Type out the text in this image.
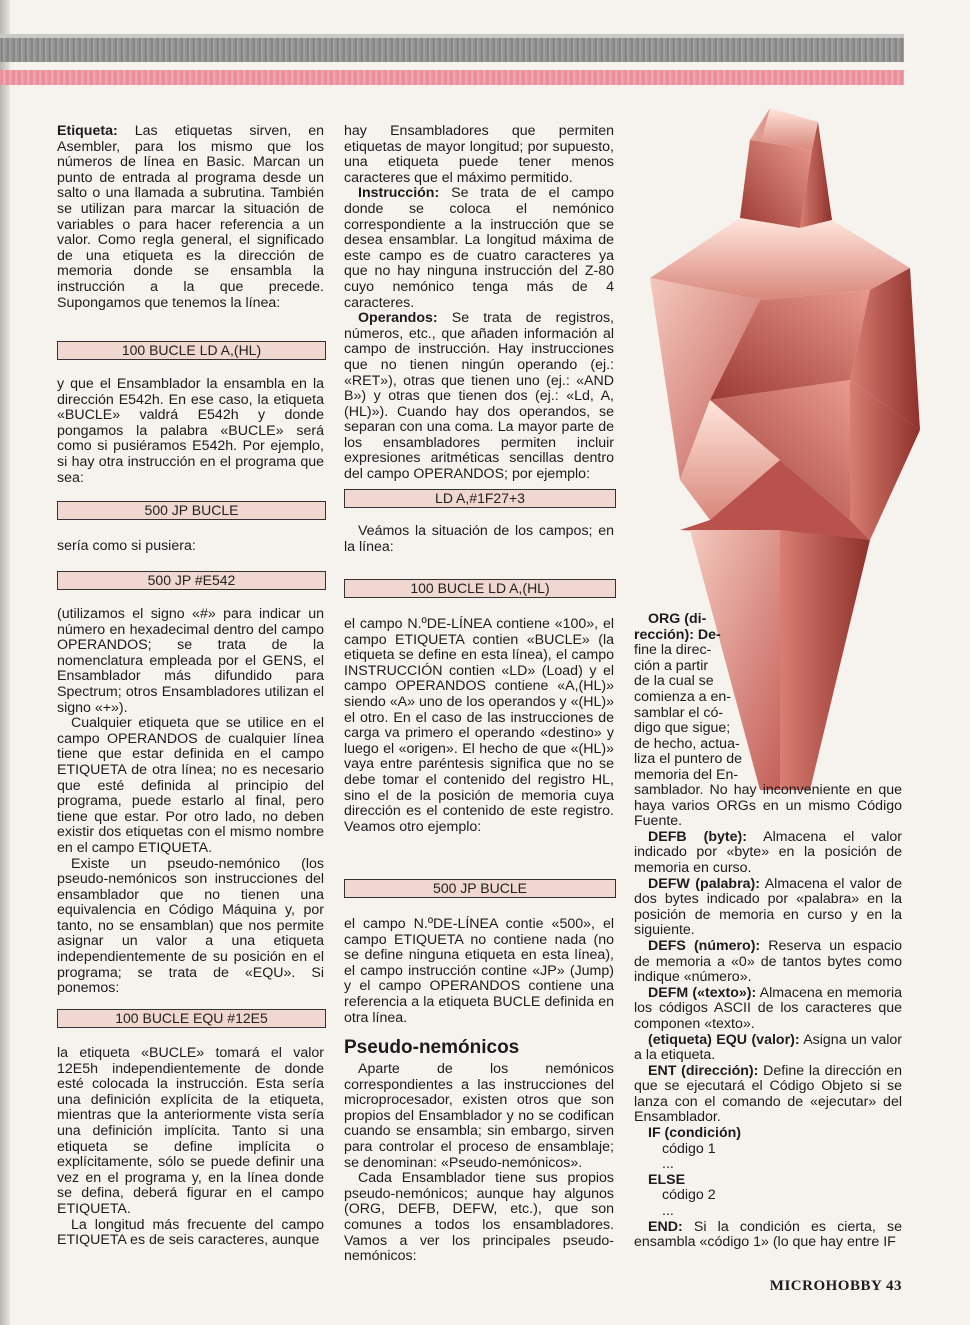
Etiqueta: Las etiquetas sirven, en Asembler, para los mismo que los números de línea en Basic. Marcan un punto de entrada al programa desde un salto o una llamada a subrutina. También se utilizan para marcar la situación de variables o para hacer referencia a un valor. Como regla general, el significado de una etiqueta es la dirección de memoria donde se ensambla la instrucción a la que precede. Supongamos que tenemos la línea:

100 BUCLE LD A,(HL)

y que el Ensamblador la ensambla en la dirección E542h. En ese caso, la etiqueta «BUCLE» valdrá E542h y donde pongamos la palabra «BUCLE» será como si pusiéramos E542h. Por ejemplo, si hay otra instrucción en el programa que sea:

500 JP BUCLE

sería como si pusiera:

500 JP #E542

(utilizamos el signo «#» para indicar un número en hexadecimal dentro del campo OPERANDOS; se trata de la nomenclatura empleada por el GENS, el Ensamblador más difundido para Spectrum; otros Ensambladores utilizan el signo «+»).

Cualquier etiqueta que se utilice en el campo OPERANDOS de cualquier línea tiene que estar definida en el campo ETIQUETA de otra línea; no es necesario que esté definida al principio del programa, puede estarlo al final, pero tiene que estar. Por otro lado, no deben existir dos etiquetas con el mismo nombre en el campo ETIQUETA.

Existe un pseudo-nemónico (los pseudo-nemónicos son instrucciones del ensamblador que no tienen una equivalencia en Código Máquina y, por tanto, no se ensamblan) que nos permite asignar un valor a una etiqueta independientemente de su posición en el programa; se trata de «EQU». Si ponemos:

100 BUCLE EQU #12E5

la etiqueta «BUCLE» tomará el valor 12E5h independientemente de donde esté colocada la instrucción. Esta sería una definición explícita de la etiqueta, mientras que la anteriormente vista sería una definición implícita. Tanto si una etiqueta se define implícita o explícitamente, sólo se puede definir una vez en el programa y, en la línea donde se defina, deberá figurar en el campo ETIQUETA.

La longitud más frecuente del campo ETIQUETA es de seis caracteres, aunque

hay Ensambladores que permiten etiquetas de mayor longitud; por supuesto, una etiqueta puede tener menos caracteres que el máximo permitido.

Instrucción: Se trata de el campo donde se coloca el nemónico correspondiente a la instrucción que se desea ensamblar. La longitud máxima de este campo es de cuatro caracteres ya que no hay ninguna instrucción del Z-80 cuyo nemónico tenga más de 4 caracteres.

Operandos: Se trata de registros, números, etc., que añaden información al campo de instrucción. Hay instrucciones que no tienen ningún operando (ej.: «RET»), otras que tienen uno (ej.: «AND B») y otras que tienen dos (ej.: «Ld, A,(HL)»). Cuando hay dos operandos, se separan con una coma. La mayor parte de los ensambladores permiten incluir expresiones aritméticas sencillas dentro del campo OPERANDOS; por ejemplo:

LD A,#1F27+3

Veámos la situación de los campos; en la línea:

100 BUCLE LD A,(HL)

el campo N.ºDE-LÍNEA contiene «100», el campo ETIQUETA contien «BUCLE» (la etiqueta se define en esta línea), el campo INSTRUCCIÓN contien «LD» (Load) y el campo OPERANDOS contiene «A,(HL)» siendo «A» uno de los operandos y «(HL)» el otro. En el caso de las instrucciones de carga va primero el operando «destino» y luego el «origen». El hecho de que «(HL)» vaya entre paréntesis significa que no se debe tomar el contenido del registro HL, sino el de la posición de memoria cuya dirección es el contenido de este registro. Veamos otro ejemplo:

500 JP BUCLE

el campo N.ºDE-LÍNEA contie «500», el campo ETIQUETA no contiene nada (no se define ninguna etiqueta en esta línea), el campo instrucción contine «JP» (Jump) y el campo OPERANDOS contiene una referencia a la etiqueta BUCLE definida en otra línea.

Pseudo-nemónicos

Aparte de los nemónicos correspondientes a las instrucciones del microprocesador, existen otros que son propios del Ensamblador y no se codifican cuando se ensambla; sin embargo, sirven para controlar el proceso de ensamblaje; se denominan: «Pseudo-nemónicos».

Cada Ensamblador tiene sus propios pseudo-nemónicos; aunque hay algunos (ORG, DEFB, DEFW, etc.), que son comunes a todos los ensambladores. Vamos a ver los principales pseudo-nemónicos:

ORG (di-
rección): De-
fine la direc-
ción a partir
de la cual se
comienza a en-
samblar el có-
digo que sigue;
de hecho, actua-
liza el puntero de
memoria del En-

samblador. No hay inconveniente en que haya varios ORGs en un mismo Código Fuente.

DEFB (byte): Almacena el valor indicado por «byte» en la posición de memoria en curso.

DEFW (palabra): Almacena el valor de dos bytes indicado por «palabra» en la posición de memoria en curso y en la siguiente.

DEFS (número): Reserva un espacio de memoria a «0» de tantos bytes como indique «número».

DEFM («texto»): Almacena en memoria los códigos ASCII de los caracteres que componen «texto».

(etiqueta) EQU (valor): Asigna un valor a la etiqueta.

ENT (dirección): Define la dirección en que se ejecutará el Código Objeto si se lanza con el comando de «ejecutar» del Ensamblador.

IF (condición)
código 1
...
ELSE
código 2
...

END: Si la condición es cierta, se ensambla «código 1» (lo que hay entre IF

MICROHOBBY 43
